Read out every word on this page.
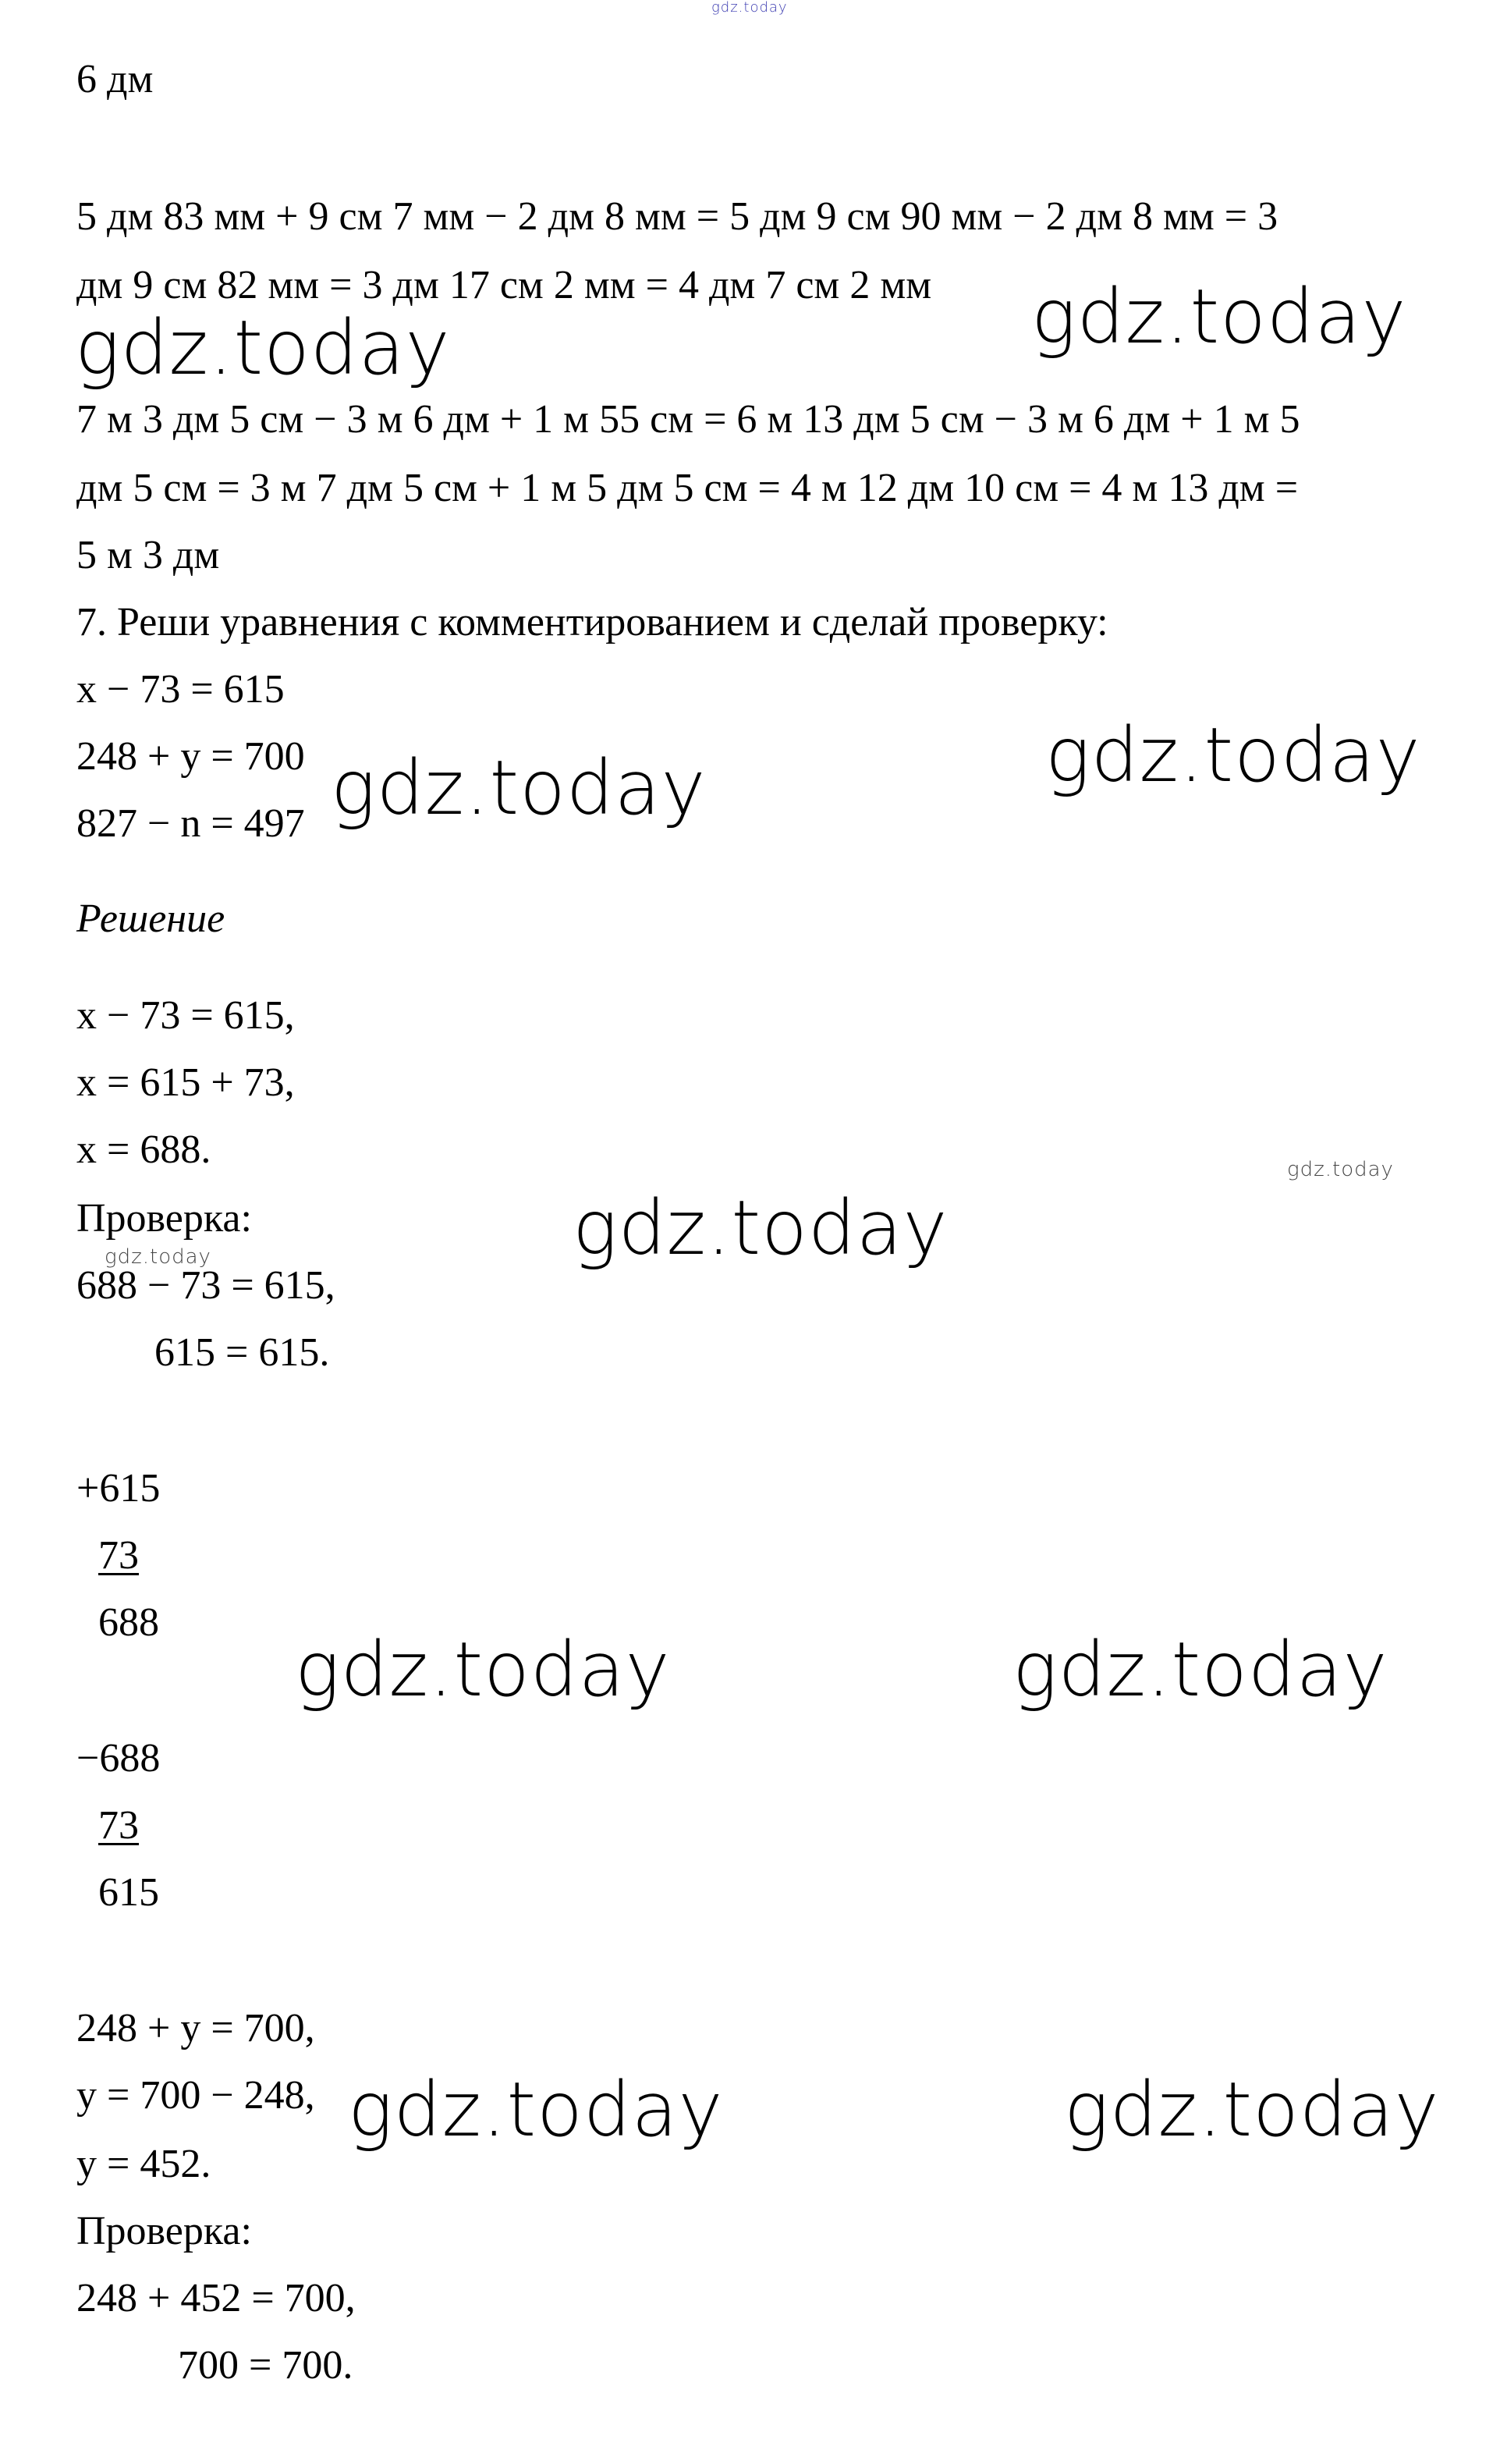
gdz.today
6 дм
5 дм 83 мм + 9 см 7 мм − 2 дм 8 мм = 5 дм 9 см 90 мм − 2 дм 8 мм = 3
дм 9 см 82 мм = 3 дм 17 см 2 мм = 4 дм 7 см 2 мм
7 м 3 дм 5 см − 3 м 6 дм + 1 м 55 см = 6 м 13 дм 5 см − 3 м 6 дм + 1 м 5
дм 5 см = 3 м 7 дм 5 см + 1 м 5 дм 5 см = 4 м 12 дм 10 см = 4 м 13 дм =
5 м 3 дм
7. Реши уравнения с комментированием и сделай проверку:
x − 73 = 615
248 + y = 700
827 − n = 497
Решение
x − 73 = 615,
x = 615 + 73,
x = 688.
Проверка:
688 − 73 = 615,
615 = 615.
+615
73
688
−688
73
615
248 + y = 700,
y = 700 − 248,
y = 452.
Проверка:
248 + 452 = 700,
700 = 700.
gdz.today
gdz.today
gdz.today
gdz.today
gdz.today
gdz.today
gdz.today
gdz.today	gdz.today
gdz.today	gdz.today
